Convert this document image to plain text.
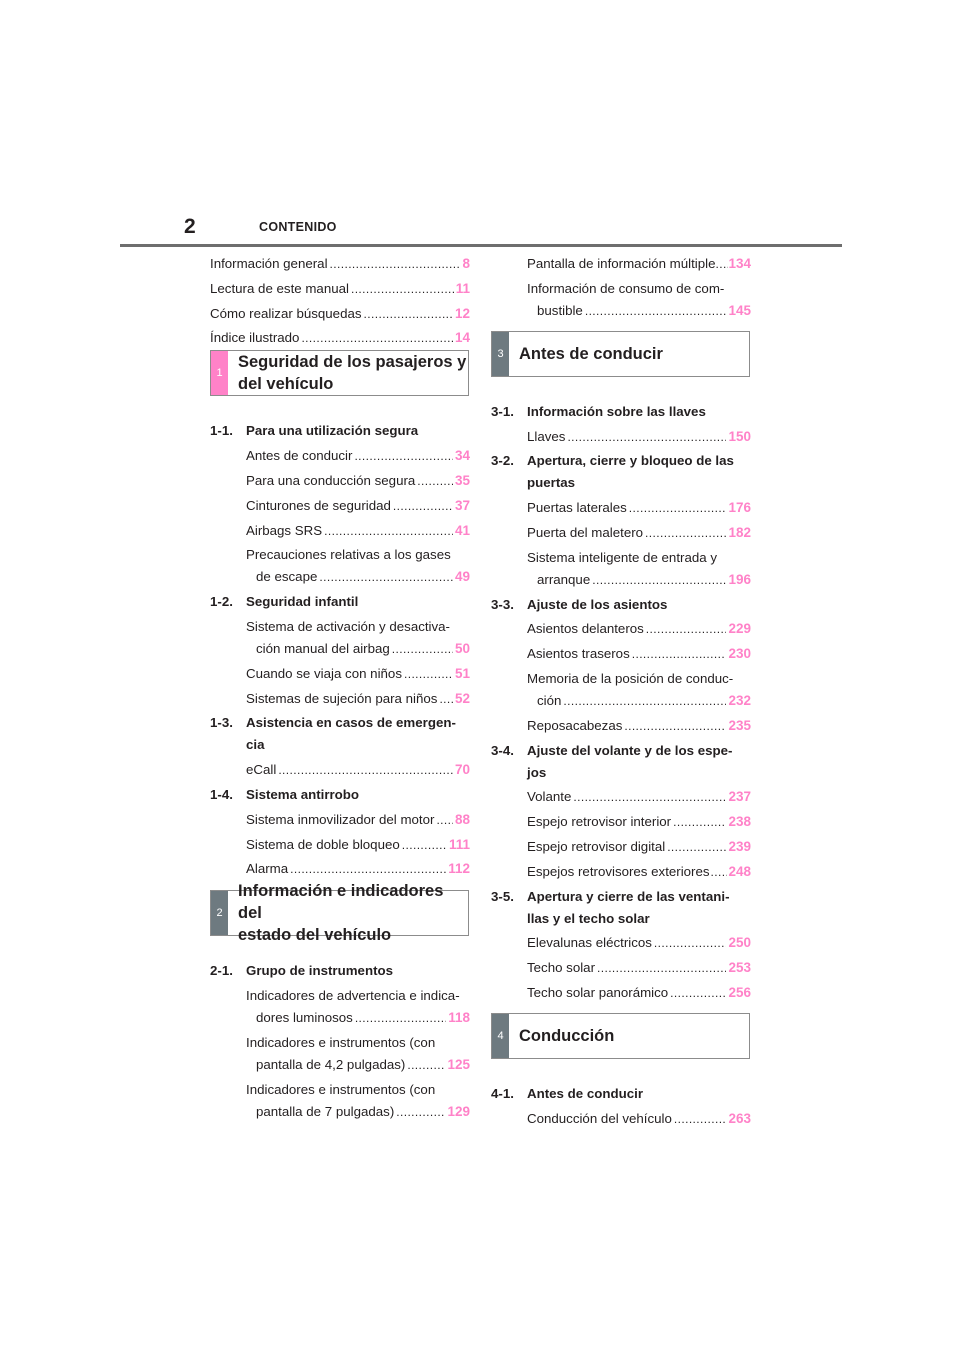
2	CONTENIDO
Información general .....	8
Lectura de este manual .....	11
Cómo realizar búsquedas .....	12
Índice ilustrado .....	14
1
Seguridad de los pasajeros y
del vehículo
1-1. Para una utilización segura
Antes de conducir .....	34
Para una conducción segura .....	35
Cinturones de seguridad .....	37
Airbags SRS .....	41
Precauciones relativas a los gases
de escape .....	49
1-2. Seguridad infantil
Sistema de activación y desactiva-
ción manual del airbag .....	50
Cuando se viaja con niños .....	51
Sistemas de sujeción para niños ..... 52
1-3. Asistencia en casos de emergen-
cia
eCall .....	70
1-4. Sistema antirrobo
Sistema inmovilizador del motor ..... 88
Sistema de doble bloqueo .....	111
Alarma .....	112
2
Información e indicadores del
estado del vehículo
2-1. Grupo de instrumentos
Indicadores de advertencia e indica-
dores luminosos .....	118
Indicadores e instrumentos (con
pantalla de 4,2 pulgadas) .....	125
Indicadores e instrumentos (con
pantalla de 7 pulgadas) .....	129
Pantalla de información múltiple ..... 134
Información de consumo de com-
bustible .....	145
3 Antes de conducir
3-1. Información sobre las llaves
Llaves .....	150
3-2. Apertura, cierre y bloqueo de las
puertas
Puertas laterales .....	176
Puerta del maletero .....	182
Sistema inteligente de entrada y
arranque .....	196
3-3. Ajuste de los asientos
Asientos delanteros .....	229
Asientos traseros .....	230
Memoria de la posición de conduc-
ción .....	232
Reposacabezas .....	235
3-4. Ajuste del volante y de los espe-
jos
Volante .....	237
Espejo retrovisor interior .....	238
Espejo retrovisor digital .....	239
Espejos retrovisores exteriores ..... 248
3-5. Apertura y cierre de las ventani-
llas y el techo solar
Elevalunas eléctricos .....	250
Techo solar .....	253
Techo solar panorámico .....	256
4 Conducción
4-1. Antes de conducir
Conducción del vehículo .....	263
